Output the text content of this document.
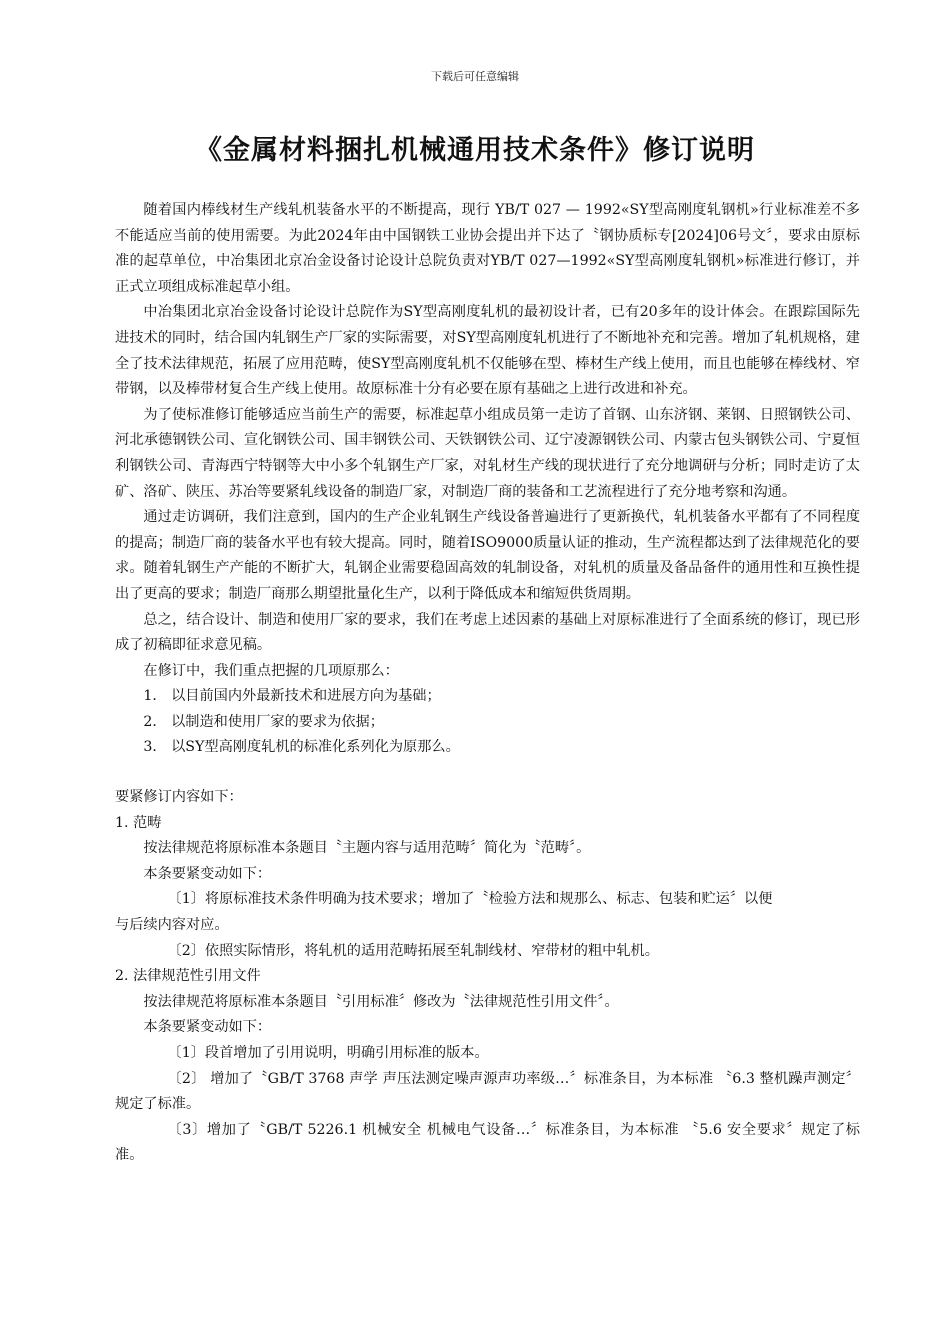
下载后可任意编辑
《金属材料捆扎机械通用技术条件》修订说明

随着国内棒线材生产线轧机装备水平的不断提高，现行 YB/T 027 — 1992«SY型高刚度轧钢机»行业标准差不多不能适应当前的使用需要。为此2024年由中国钢铁工业协会提出并下达了〝钢协质标专[2024]06号文〞，要求由原标准的起草单位，中冶集团北京冶金设备讨论设计总院负责对YB/T 027—1992«SY型高刚度轧钢机»标准进行修订，并正式立项组成标准起草小组。

中冶集团北京冶金设备讨论设计总院作为SY型高刚度轧机的最初设计者，已有20多年的设计体会。在跟踪国际先进技术的同时，结合国内轧钢生产厂家的实际需要，对SY型高刚度轧机进行了不断地补充和完善。增加了轧机规格，建全了技术法律规范，拓展了应用范畴，使SY型高刚度轧机不仅能够在型、棒材生产线上使用，而且也能够在棒线材、窄带钢，以及棒带材复合生产线上使用。故原标准十分有必要在原有基础之上进行改进和补充。

为了使标准修订能够适应当前生产的需要，标准起草小组成员第一走访了首钢、山东济钢、莱钢、日照钢铁公司、河北承德钢铁公司、宣化钢铁公司、国丰钢铁公司、天铁钢铁公司、辽宁凌源钢铁公司、内蒙古包头钢铁公司、宁夏恒利钢铁公司、青海西宁特钢等大中小多个轧钢生产厂家，对轧材生产线的现状进行了充分地调研与分析；同时走访了太矿、洛矿、陕压、苏冶等要紧轧线设备的制造厂家，对制造厂商的装备和工艺流程进行了充分地考察和沟通。

通过走访调研，我们注意到，国内的生产企业轧钢生产线设备普遍进行了更新换代，轧机装备水平都有了不同程度的提高；制造厂商的装备水平也有较大提高。同时，随着ISO9000质量认证的推动，生产流程都达到了法律规范化的要求。随着轧钢生产产能的不断扩大，轧钢企业需要稳固高效的轧制设备，对轧机的质量及备品备件的通用性和互换性提出了更高的要求；制造厂商那么期望批量化生产，以利于降低成本和缩短供货周期。

总之，结合设计、制造和使用厂家的要求，我们在考虑上述因素的基础上对原标准进行了全面系统的修订，现已形成了初稿即征求意见稿。

在修订中，我们重点把握的几项原那么：

1． 以目前国内外最新技术和进展方向为基础；

2． 以制造和使用厂家的要求为依据；

3． 以SY型高刚度轧机的标准化系列化为原那么。

要紧修订内容如下：

1. 范畴

按法律规范将原标准本条题目〝主题内容与适用范畴〞简化为〝范畴〞。

本条要紧变动如下：

〔1〕将原标准技术条件明确为技术要求；增加了〝检验方法和规那么、标志、包装和贮运〞以便

与后续内容对应。

〔2〕依照实际情形，将轧机的适用范畴拓展至轧制线材、窄带材的粗中轧机。

2. 法律规范性引用文件

按法律规范将原标准本条题目〝引用标准〞修改为〝法律规范性引用文件〞。

本条要紧变动如下：

〔1〕段首增加了引用说明，明确引用标准的版本。

〔2〕 增加了〝GB/T 3768 声学 声压法测定噪声源声功率级…〞标准条目，为本标准 〝6.3 整机躁声测定〞规定了标准。

〔3〕增加了〝GB/T 5226.1 机械安全 机械电气设备…〞标准条目，为本标准 〝5.6 安全要求〞规定了标准。
